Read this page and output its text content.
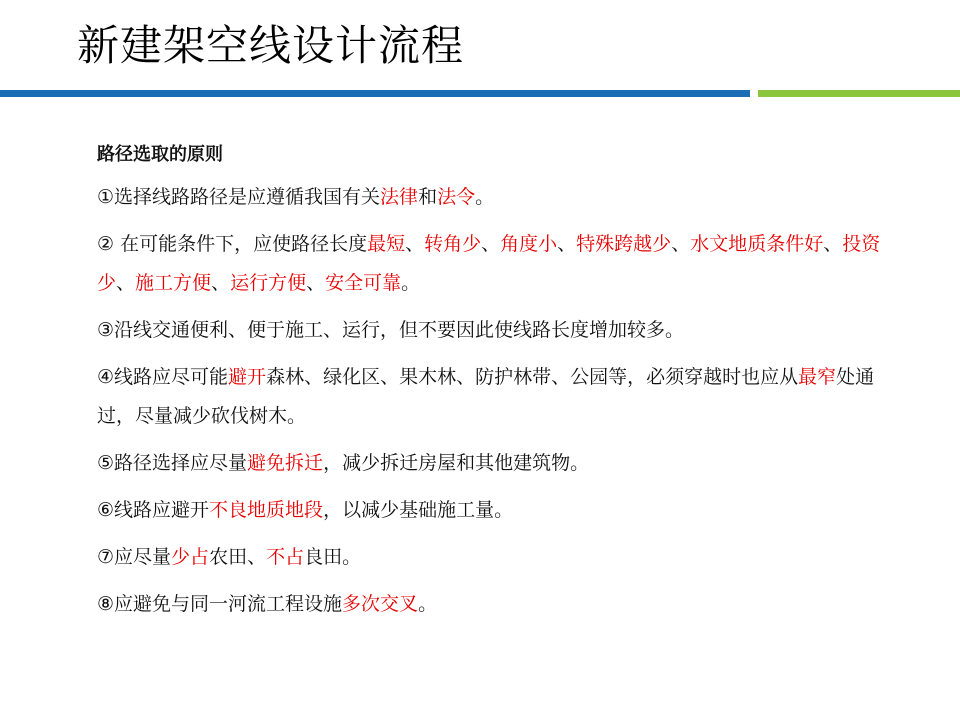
新建架空线设计流程
路径选取的原则
①选择线路路径是应遵循我国有关法律和法令。
② 在可能条件下，应使路径长度最短、转角少、角度小、特殊跨越少、水文地质条件好、投资少、施工方便、运行方便、安全可靠。
③沿线交通便利、便于施工、运行，但不要因此使线路长度增加较多。
④线路应尽可能避开森林、绿化区、果木林、防护林带、公园等，必须穿越时也应从最窄处通过，尽量减少砍伐树木。
⑤路径选择应尽量避免拆迁，减少拆迁房屋和其他建筑物。
⑥线路应避开不良地质地段，以减少基础施工量。
⑦应尽量少占农田、不占良田。
⑧应避免与同一河流工程设施多次交叉。
